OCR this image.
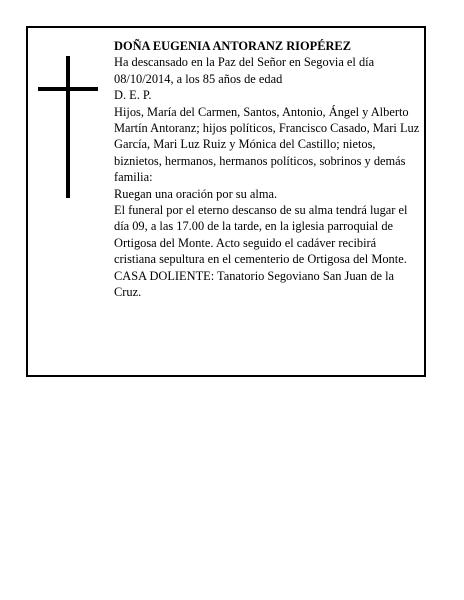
DOÑA EUGENIA ANTORANZ RIOPÉREZ

Ha descansado en la Paz del Señor en Segovia el día 08/10/2014, a los 85 años de edad

D. E. P.

Hijos, María del Carmen, Santos, Antonio, Ángel y Alberto Martín Antoranz; hijos políticos, Francisco Casado, Mari Luz García, Mari Luz Ruiz y Mónica del Castillo; nietos, biznietos, hermanos, hermanos políticos, sobrinos y demás familia:

Ruegan una oración por su alma.

El funeral por el eterno descanso de su alma tendrá lugar el día 09, a las 17.00 de la tarde, en la iglesia parroquial de Ortigosa del Monte. Acto seguido el cadáver recibirá cristiana sepultura en el cementerio de Ortigosa del Monte.

CASA DOLIENTE: Tanatorio Segoviano San Juan de la Cruz.
